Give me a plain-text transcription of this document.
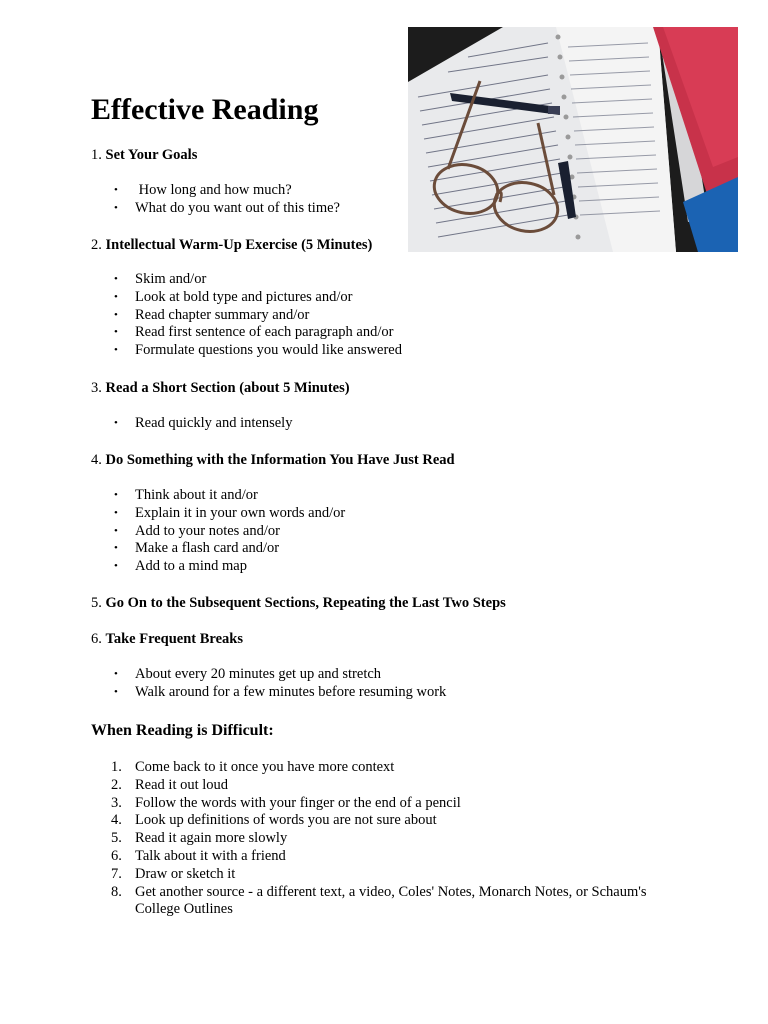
Effective Reading
1. Set Your Goals
• How long and how much?
• What do you want out of this time?
2. Intellectual Warm-Up Exercise (5 Minutes)
• Skim and/or
• Look at bold type and pictures and/or
• Read chapter summary and/or
• Read first sentence of each paragraph and/or
• Formulate questions you would like answered
3. Read a Short Section (about 5 Minutes)
• Read quickly and intensely
4. Do Something with the Information You Have Just Read
• Think about it and/or
• Explain it in your own words and/or
• Add to your notes and/or
• Make a flash card and/or
• Add to a mind map
5. Go On to the Subsequent Sections, Repeating the Last Two Steps
6. Take Frequent Breaks
• About every 20 minutes get up and stretch
• Walk around for a few minutes before resuming work
When Reading is Difficult:
1. Come back to it once you have more context
2. Read it out loud
3. Follow the words with your finger or the end of a pencil
4. Look up definitions of words you are not sure about
5. Read it again more slowly
6. Talk about it with a friend
7. Draw or sketch it
8. Get another source - a different text, a video, Coles' Notes, Monarch Notes, or Schaum's College Outlines
